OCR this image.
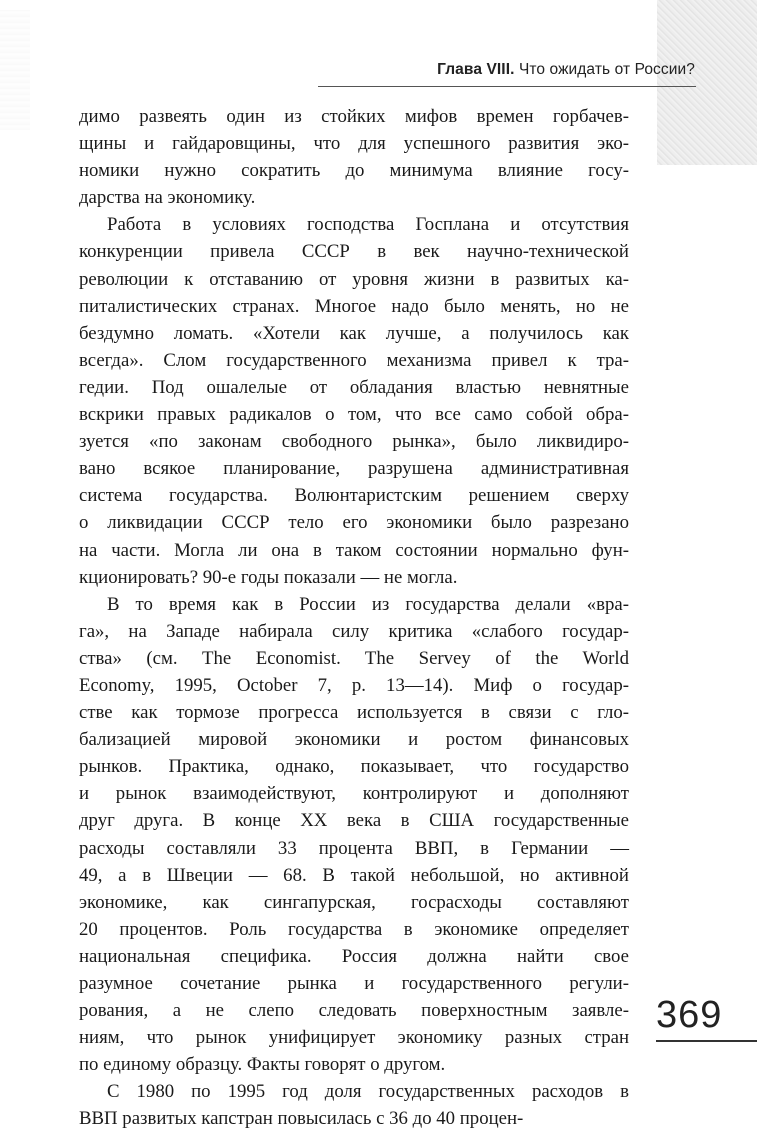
Глава VIII. Что ожидать от России?
димо развеять один из стойких мифов времен горбачев-
щины и гайдаровщины, что для успешного развития эко-
номики нужно сократить до минимума влияние госу-
дарства на экономику.
Работа в условиях господства Госплана и отсутствия
конкуренции привела СССР в век научно-технической
революции к отставанию от уровня жизни в развитых ка-
питалистических странах. Многое надо было менять, но не
бездумно ломать. «Хотели как лучше, а получилось как
всегда». Слом государственного механизма привел к тра-
гедии. Под ошалелые от обладания властью невнятные
вскрики правых радикалов о том, что все само собой обра-
зуется «по законам свободного рынка», было ликвидиро-
вано всякое планирование, разрушена административная
система государства. Волюнтаристским решением сверху
о ликвидации СССР тело его экономики было разрезано
на части. Могла ли она в таком состоянии нормально фун-
кционировать? 90-е годы показали — не могла.
В то время как в России из государства делали «вра-
га», на Западе набирала силу критика «слабого государ-
ства» (см. The Economist. The Servey of the World
Economy, 1995, October 7, p. 13—14). Миф о государ-
стве как тормозе прогресса используется в связи с гло-
бализацией мировой экономики и ростом финансовых
рынков. Практика, однако, показывает, что государство
и рынок взаимодействуют, контролируют и дополняют
друг друга. В конце XX века в США государственные
расходы составляли 33 процента ВВП, в Германии —
49, а в Швеции — 68. В такой небольшой, но активной
экономике, как сингапурская, госрасходы составляют
20 процентов. Роль государства в экономике определяет
национальная специфика. Россия должна найти свое
разумное сочетание рынка и государственного регули-
рования, а не слепо следовать поверхностным заявле-
ниям, что рынок унифицирует экономику разных стран
по единому образцу. Факты говорят о другом.
С 1980 по 1995 год доля государственных расходов в
ВВП развитых капстран повысилась с 36 до 40 процен-
369
